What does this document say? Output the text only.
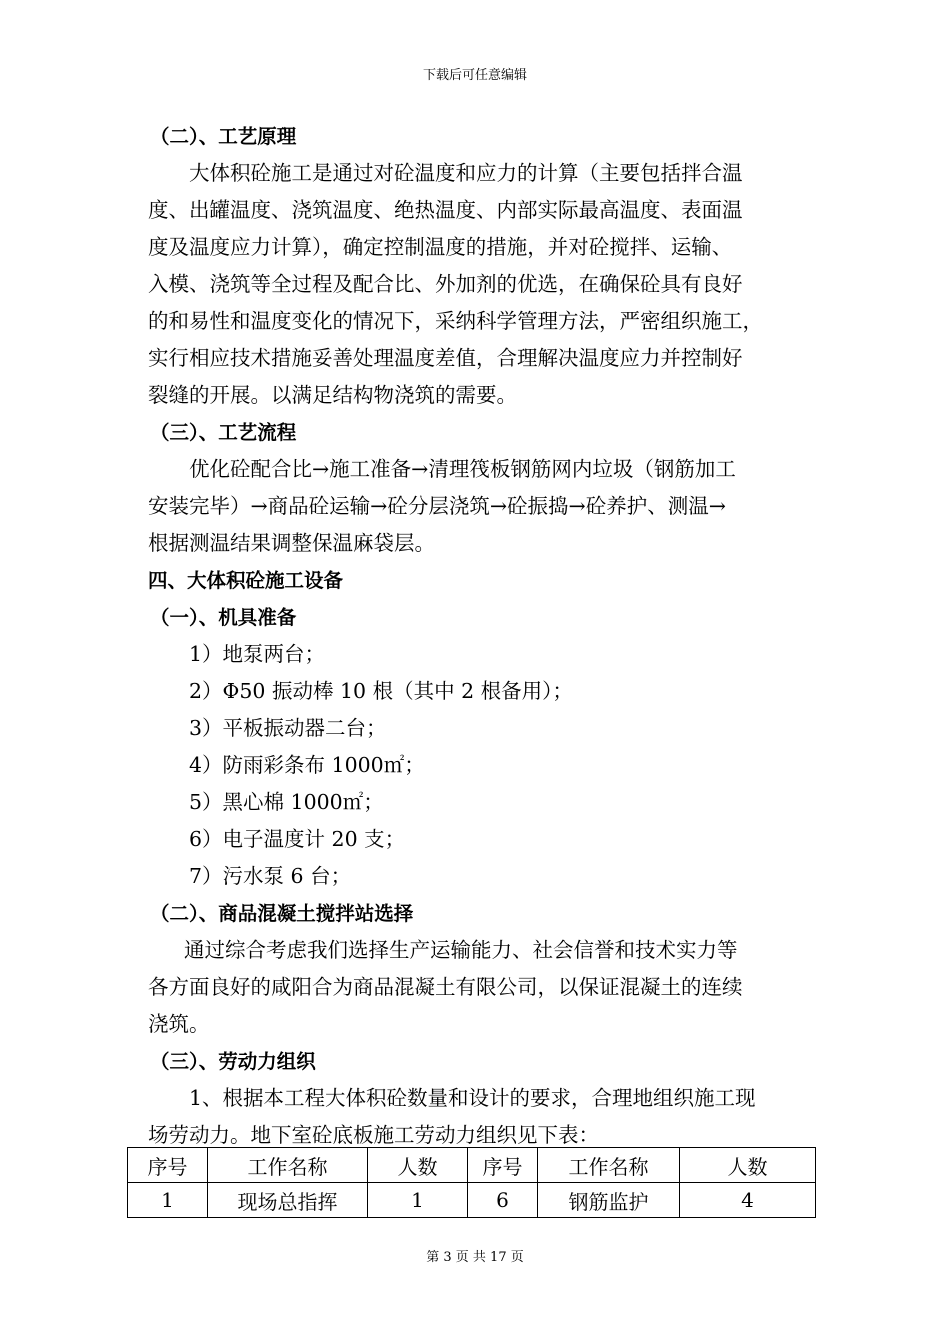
下载后可任意编辑
（二）、工艺原理
大体积砼施工是通过对砼温度和应力的计算（主要包括拌合温
度、出罐温度、浇筑温度、绝热温度、内部实际最高温度、表面温
度及温度应力计算），确定控制温度的措施，并对砼搅拌、运输、
入模、浇筑等全过程及配合比、外加剂的优选，在确保砼具有良好
的和易性和温度变化的情况下，采纳科学管理方法，严密组织施工，
实行相应技术措施妥善处理温度差值，合理解决温度应力并控制好
裂缝的开展。以满足结构物浇筑的需要。
（三）、工艺流程
优化砼配合比→施工准备→清理筏板钢筋网内垃圾（钢筋加工
安装完毕）→商品砼运输→砼分层浇筑→砼振捣→砼养护、测温→
根据测温结果调整保温麻袋层。
四、大体积砼施工设备
（一）、机具准备
1）地泵两台；
2）Φ50 振动棒 10 根（其中 2 根备用）；
3）平板振动器二台；
4）防雨彩条布 1000㎡；
5）黑心棉 1000㎡；
6）电子温度计 20 支；
7）污水泵 6 台；
（二）、商品混凝土搅拌站选择
通过综合考虑我们选择生产运输能力、社会信誉和技术实力等
各方面良好的咸阳合为商品混凝土有限公司，以保证混凝土的连续
浇筑。
（三）、劳动力组织
1、根据本工程大体积砼数量和设计的要求，合理地组织施工现
场劳动力。地下室砼底板施工劳动力组织见下表：
序号	工作名称	人数	序号	工作名称	人数
1	现场总指挥	1	6	钢筋监护	4
第 3 页 共 17 页
